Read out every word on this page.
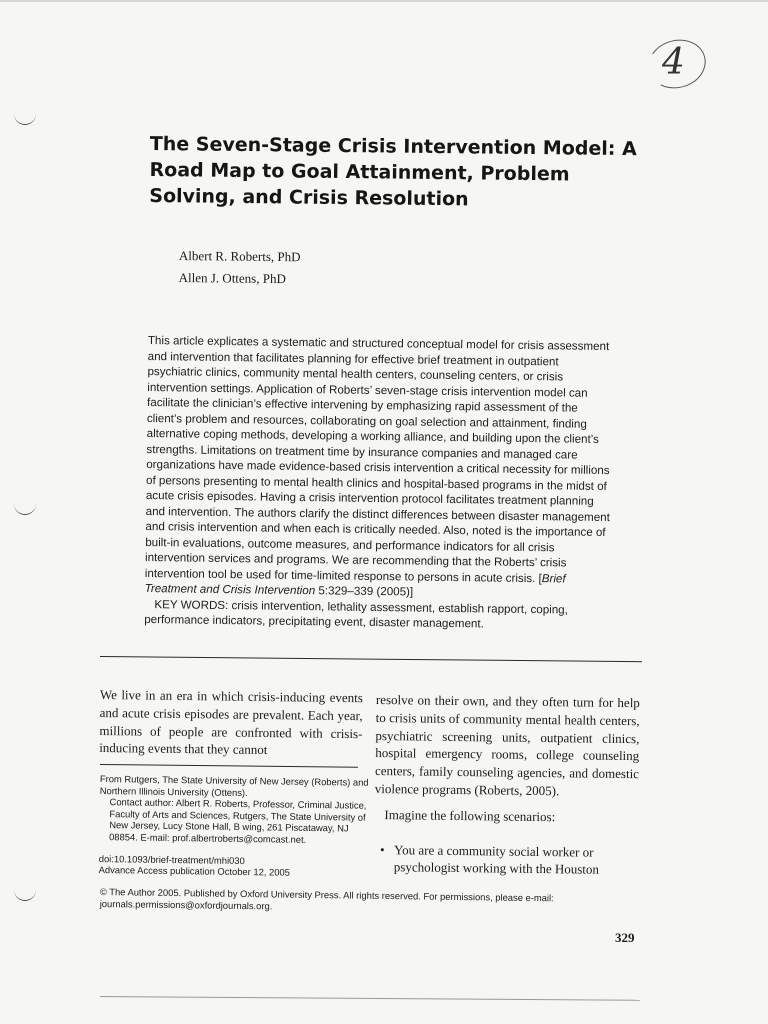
4
The Seven-Stage Crisis Intervention Model: A
Road Map to Goal Attainment, Problem
Solving, and Crisis Resolution
Albert R. Roberts, PhD
Allen J. Ottens, PhD

This article explicates a systematic and structured conceptual model for crisis assessment and intervention that facilitates planning for effective brief treatment in outpatient psychiatric clinics, community mental health centers, counseling centers, or crisis intervention settings. Application of Roberts’ seven-stage crisis intervention model can facilitate the clinician’s effective intervening by emphasizing rapid assessment of the client’s problem and resources, collaborating on goal selection and attainment, finding alternative coping methods, developing a working alliance, and building upon the client’s strengths. Limitations on treatment time by insurance companies and managed care organizations have made evidence-based crisis intervention a critical necessity for millions of persons presenting to mental health clinics and hospital-based programs in the midst of acute crisis episodes. Having a crisis intervention protocol facilitates treatment planning and intervention. The authors clarify the distinct differences between disaster management and crisis intervention and when each is critically needed. Also, noted is the importance of built-in evaluations, outcome measures, and performance indicators for all crisis intervention services and programs. We are recommending that the Roberts’ crisis intervention tool be used for time-limited response to persons in acute crisis. [Brief Treatment and Crisis Intervention 5:329–339 (2005)]

KEY WORDS: crisis intervention, lethality assessment, establish rapport, coping, performance indicators, precipitating event, disaster management.

We live in an era in which crisis-inducing events and acute crisis episodes are prevalent. Each year, millions of people are confronted with crisis-inducing events that they cannot
From Rutgers, The State University of New Jersey (Roberts) and Northern Illinois University (Ottens).
Contact author: Albert R. Roberts, Professor, Criminal Justice, Faculty of Arts and Sciences, Rutgers, The State University of New Jersey, Lucy Stone Hall, B wing, 261 Piscataway, NJ 08854. E-mail: prof.albertroberts@comcast.net.
doi:10.1093/brief-treatment/mhi030
Advance Access publication October 12, 2005

resolve on their own, and they often turn for help to crisis units of community mental health centers, psychiatric screening units, outpatient clinics, hospital emergency rooms, college counseling centers, family counseling agencies, and domestic violence programs (Roberts, 2005).

Imagine the following scenarios:

• You are a community social worker or psychologist working with the Houston
© The Author 2005. Published by Oxford University Press. All rights reserved. For permissions, please e-mail: journals.permissions@oxfordjournals.org.
329
